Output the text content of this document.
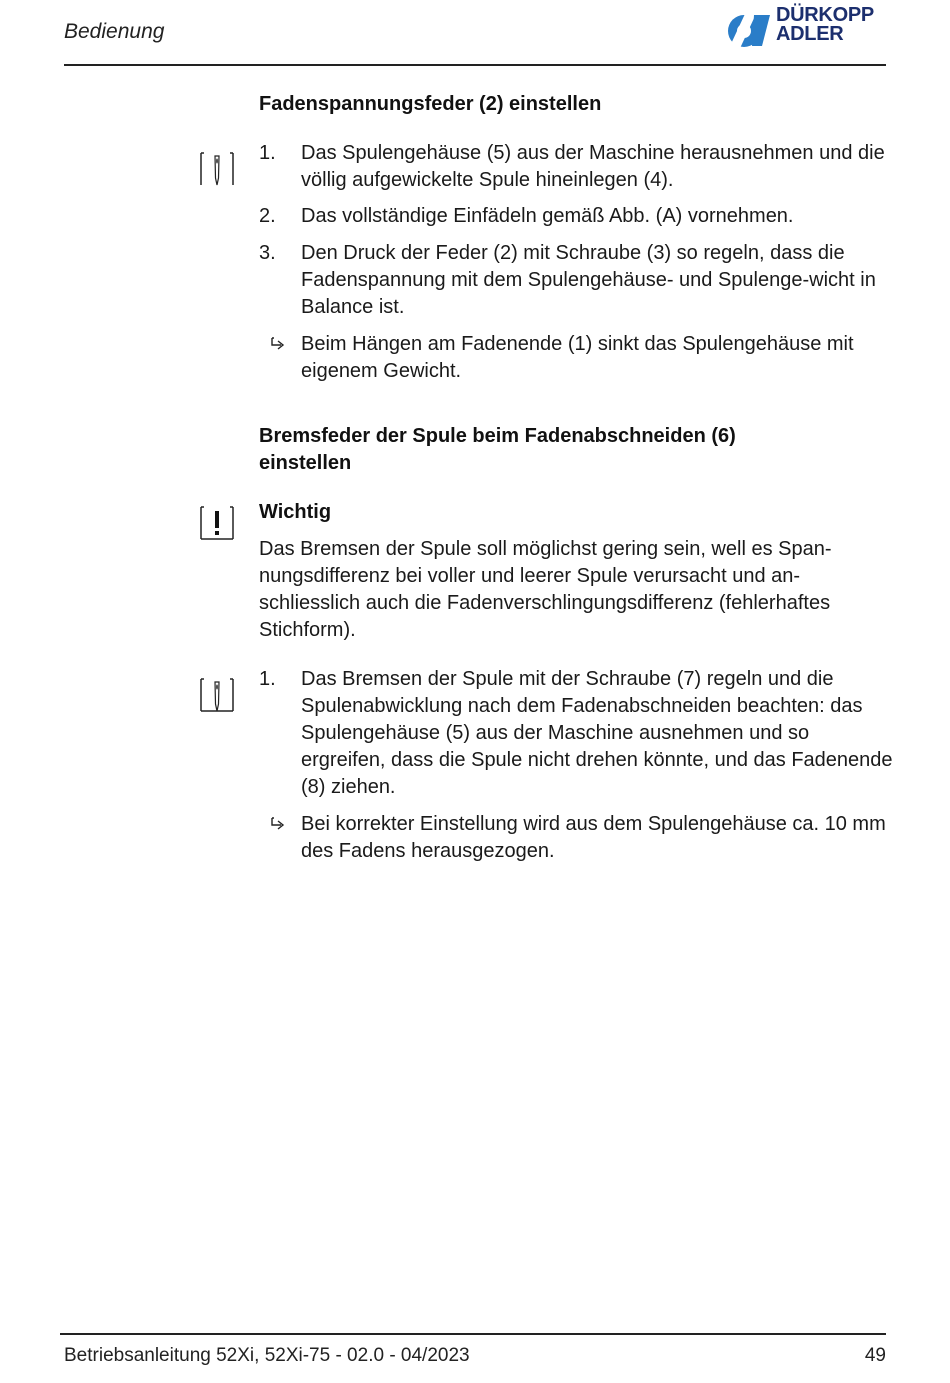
Bedienung
DÜRKOPP
ADLER
Fadenspannungsfeder (2) einstellen
1.	Das Spulengehäuse (5) aus der Maschine herausnehmen und die völlig aufgewickelte Spule hineinlegen (4).
2.	Das vollständige Einfädeln gemäß Abb. (A) vornehmen.
3.	Den Druck der Feder (2) mit Schraube (3) so regeln, dass die Fadenspannung mit dem Spulengehäuse- und Spulenge-wicht in Balance ist.
Beim Hängen am Fadenende (1) sinkt das Spulengehäuse mit eigenem Gewicht.
Bremsfeder der Spule beim Fadenabschneiden (6)
einstellen
Wichtig
Das Bremsen der Spule soll möglichst gering sein, well es Span-nungsdifferenz bei voller und leerer Spule verursacht und an-schliesslich auch die Fadenverschlingungsdifferenz (fehlerhaftes Stichform).
1.	Das Bremsen der Spule mit der Schraube (7) regeln und die Spulenabwicklung nach dem Fadenabschneiden beachten: das Spulengehäuse (5) aus der Maschine ausnehmen und so ergreifen, dass die Spule nicht drehen könnte, und das Fadenende (8) ziehen.
Bei korrekter Einstellung wird aus dem Spulengehäuse ca. 10 mm des Fadens herausgezogen.
Betriebsanleitung 52Xi, 52Xi-75 - 02.0 - 04/2023	49
